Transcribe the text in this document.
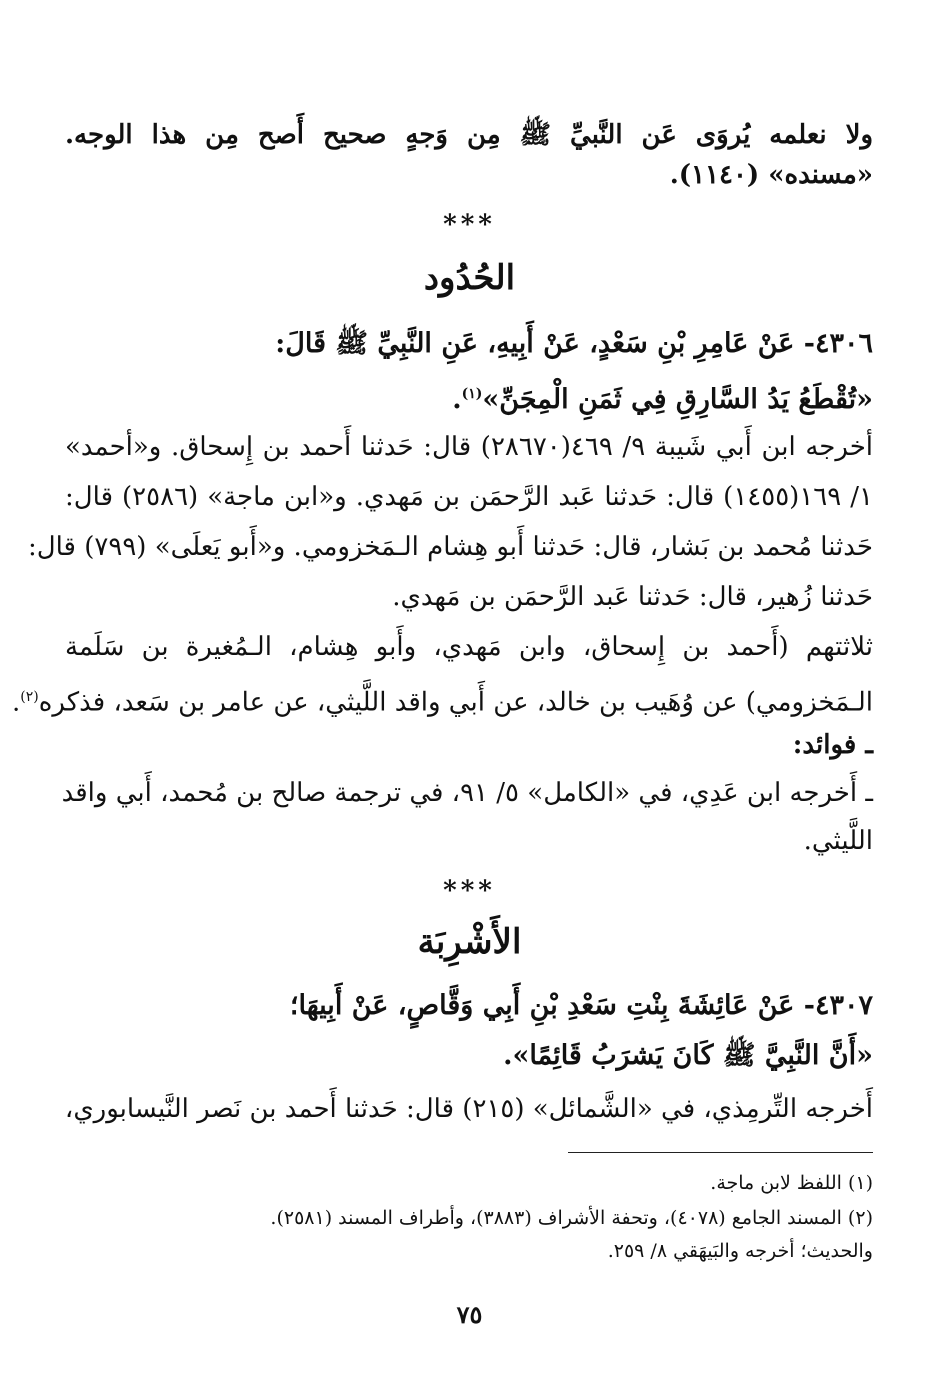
ولا نعلمه يُروَى عَن النَّبيِّ ﷺ مِن وَجهٍ صحيح أَصح مِن هذا الوجه.
«مسنده» (١١٤٠).
***
الحُدُود
٤٣٠٦- عَنْ عَامِرِ بْنِ سَعْدٍ، عَنْ أَبِيهِ، عَنِ النَّبِيِّ ﷺ قَالَ:
«تُقْطَعُ يَدُ السَّارِقِ فِي ثَمَنِ الْمِجَنِّ»$^{(١)}$.
أخرجه ابن أَبي شَيبة ٩/ ٤٦٩(٢٨٦٧٠) قال: حَدثنا أَحمد بن إِسحاق. و«أحمد»
١/ ١٦٩(١٤٥٥) قال: حَدثنا عَبد الرَّحمَن بن مَهدي. و«ابن ماجة» (٢٥٨٦) قال:
حَدثنا مُحمد بن بَشار، قال: حَدثنا أَبو هِشام الـمَخزومي. و«أَبو يَعلَى» (٧٩٩) قال:
حَدثنا زُهير، قال: حَدثنا عَبد الرَّحمَن بن مَهدي.
ثلاثتهم (أَحمد بن إِسحاق، وابن مَهدي، وأَبو هِشام، الـمُغيرة بن سَلَمة
الـمَخزومي) عن وُهَيب بن خالد، عن أَبي واقد اللَّيثي، عن عامر بن سَعد، فذكره$^{(٢)}$.
ـ فوائد:
ـ أَخرجه ابن عَدِي، في «الكامل» ٥/ ٩١، في ترجمة صالح بن مُحمد، أَبي واقد
اللَّيثي.
***
الأَشْرِبَة
٤٣٠٧- عَنْ عَائِشَةَ بِنْتِ سَعْدِ بْنِ أَبِي وَقَّاصٍ، عَنْ أَبِيهَا؛
«أَنَّ النَّبِيَّ ﷺ كَانَ يَشرَبُ قَائِمًا».
أَخرجه التِّرمِذي، في «الشَّمائل» (٢١٥) قال: حَدثنا أَحمد بن نَصر النَّيسابوري،
(١) اللفظ لابن ماجة.
(٢) المسند الجامع (٤٠٧٨)، وتحفة الأشراف (٣٨٨٣)، وأطراف المسند (٢٥٨١).
والحديث؛ أخرجه والبَيهَقي ٨/ ٢٥٩.
٧٥
